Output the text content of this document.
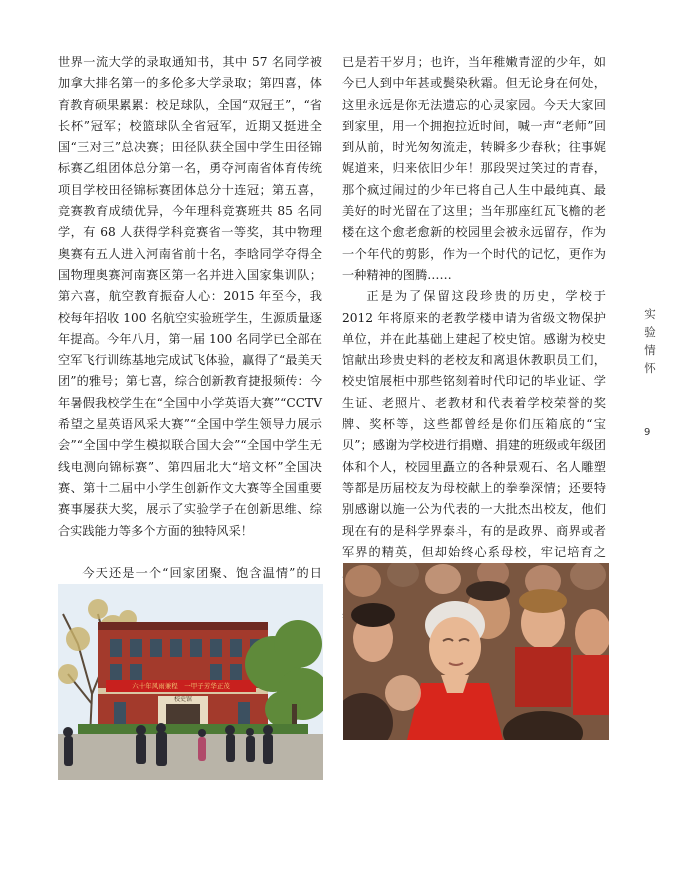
世界一流大学的录取通知书，其中 57 名同学被加拿大排名第一的多伦多大学录取；第四喜，体育教育硕果累累：校足球队，全国“双冠王”，“省长杯”冠军；校篮球队全省冠军，近期又挺进全国“三对三”总决赛；田径队获全国中学生田径锦标赛乙组团体总分第一名，勇夺河南省体育传统项目学校田径锦标赛团体总分十连冠；第五喜，竞赛教育成绩优异，今年理科竞赛班共 85 名同学，有 68 人获得学科竞赛省一等奖，其中物理奥赛有五人进入河南省前十名，李晗同学夺得全国物理奥赛河南赛区第一名并进入国家集训队；第六喜，航空教育振奋人心：2015 年至今，我校每年招收 100 名航空实验班学生，生源质量逐年提高。今年八月，第一届 100 名同学已全部在空军飞行训练基地完成试飞体验，赢得了“最美天团”的雅号；第七喜，综合创新教育捷报频传：今年暑假我校学生在“全国中小学英语大赛”“CCTV 希望之星英语风采大赛”“全国中学生领导力展示会”“全国中学生模拟联合国大会”“全国中学生无线电测向锦标赛”、第四届北大“培文杯”全国决赛、第十二届中小学生创新作文大赛等全国重要赛事屡获大奖，展示了实验学子在创新思维、综合实践能力等多个方面的独特风采！

今天还是一个“回家团聚、饱含温情”的日

已是若干岁月；也许，当年稚嫩青涩的少年，如今已人到中年甚或鬓染秋霜。但无论身在何处，这里永远是你无法遗忘的心灵家园。今天大家回到家里，用一个拥抱拉近时间，喊一声“老师”回到从前，时光匆匆流走，转瞬多少春秋；往事娓娓道来，归来依旧少年！那段哭过笑过的青春，那个疯过闹过的少年已将自己人生中最纯真、最美好的时光留在了这里；当年那座红瓦飞檐的老楼在这个愈老愈新的校园里会被永远留存，作为一个年代的剪影，作为一个时代的记忆，更作为一种精神的图腾……

正是为了保留这段珍贵的历史，学校于 2012 年将原来的老教学楼申请为省级文物保护单位，并在此基础上建起了校史馆。感谢为校史馆献出珍贵史料的老校友和离退休教职员工们，校史馆展柜中那些铭刻着时代印记的毕业证、学生证、老照片、老教材和代表着学校荣誉的奖牌、奖杯等，这些都曾经是你们压箱底的“宝贝”；感谢为学校进行捐赠、捐建的班级或年级团体和个人，校园里矗立的各种景观石、名人雕塑等都是历届校友为母校献上的拳拳深情；还要特别感谢以施一公为代表的一大批杰出校友，他们现在有的是科学界泰斗，有的是政界、商界或者军界的精英，但却始终心系母校，牢记培育之

实验情怀
9
六十年风雨兼程　一甲子芳华正茂
校史馆
